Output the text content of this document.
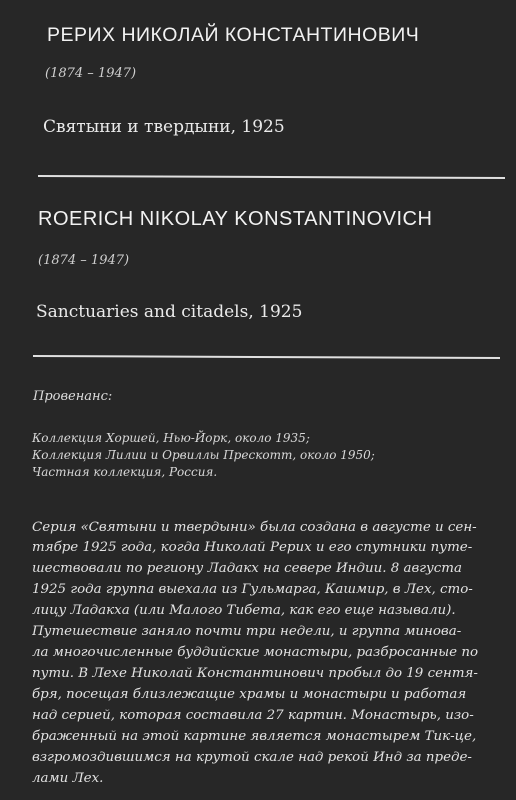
РЕРИХ НИКОЛАЙ КОНСТАНТИНОВИЧ
(1874 – 1947)
Святыни и твердыни, 1925
ROERICH NIKOLAY KONSTANTINOVICH
(1874 – 1947)
Sanctuaries and citadels, 1925
Провенанс:
Коллекция Хоршей, Нью-Йорк, около 1935;
Коллекция Лилии и Орвиллы Прескотт, около 1950;
Частная коллекция, Россия.
Серия «Святыни и твердыни» была создана в августе и сен-
тябре 1925 года, когда Николай Рерих и его спутники путе-
шествовали по региону Ладакх на севере Индии. 8 августа
1925 года группа выехала из Гульмарга, Кашмир, в Лех, сто-
лицу Ладакха (или Малого Тибета, как его еще называли).
Путешествие заняло почти три недели, и группа минова-
ла многочисленные буддийские монастыри, разбросанные по
пути. В Лехе Николай Константинович пробыл до 19 сентя-
бря, посещая близлежащие храмы и монастыри и работая
над серией, которая составила 27 картин. Монастырь, изо-
браженный на этой картине является монастырем Тик-це,
взгромоздившимся на крутой скале над рекой Инд за преде-
лами Лех.
